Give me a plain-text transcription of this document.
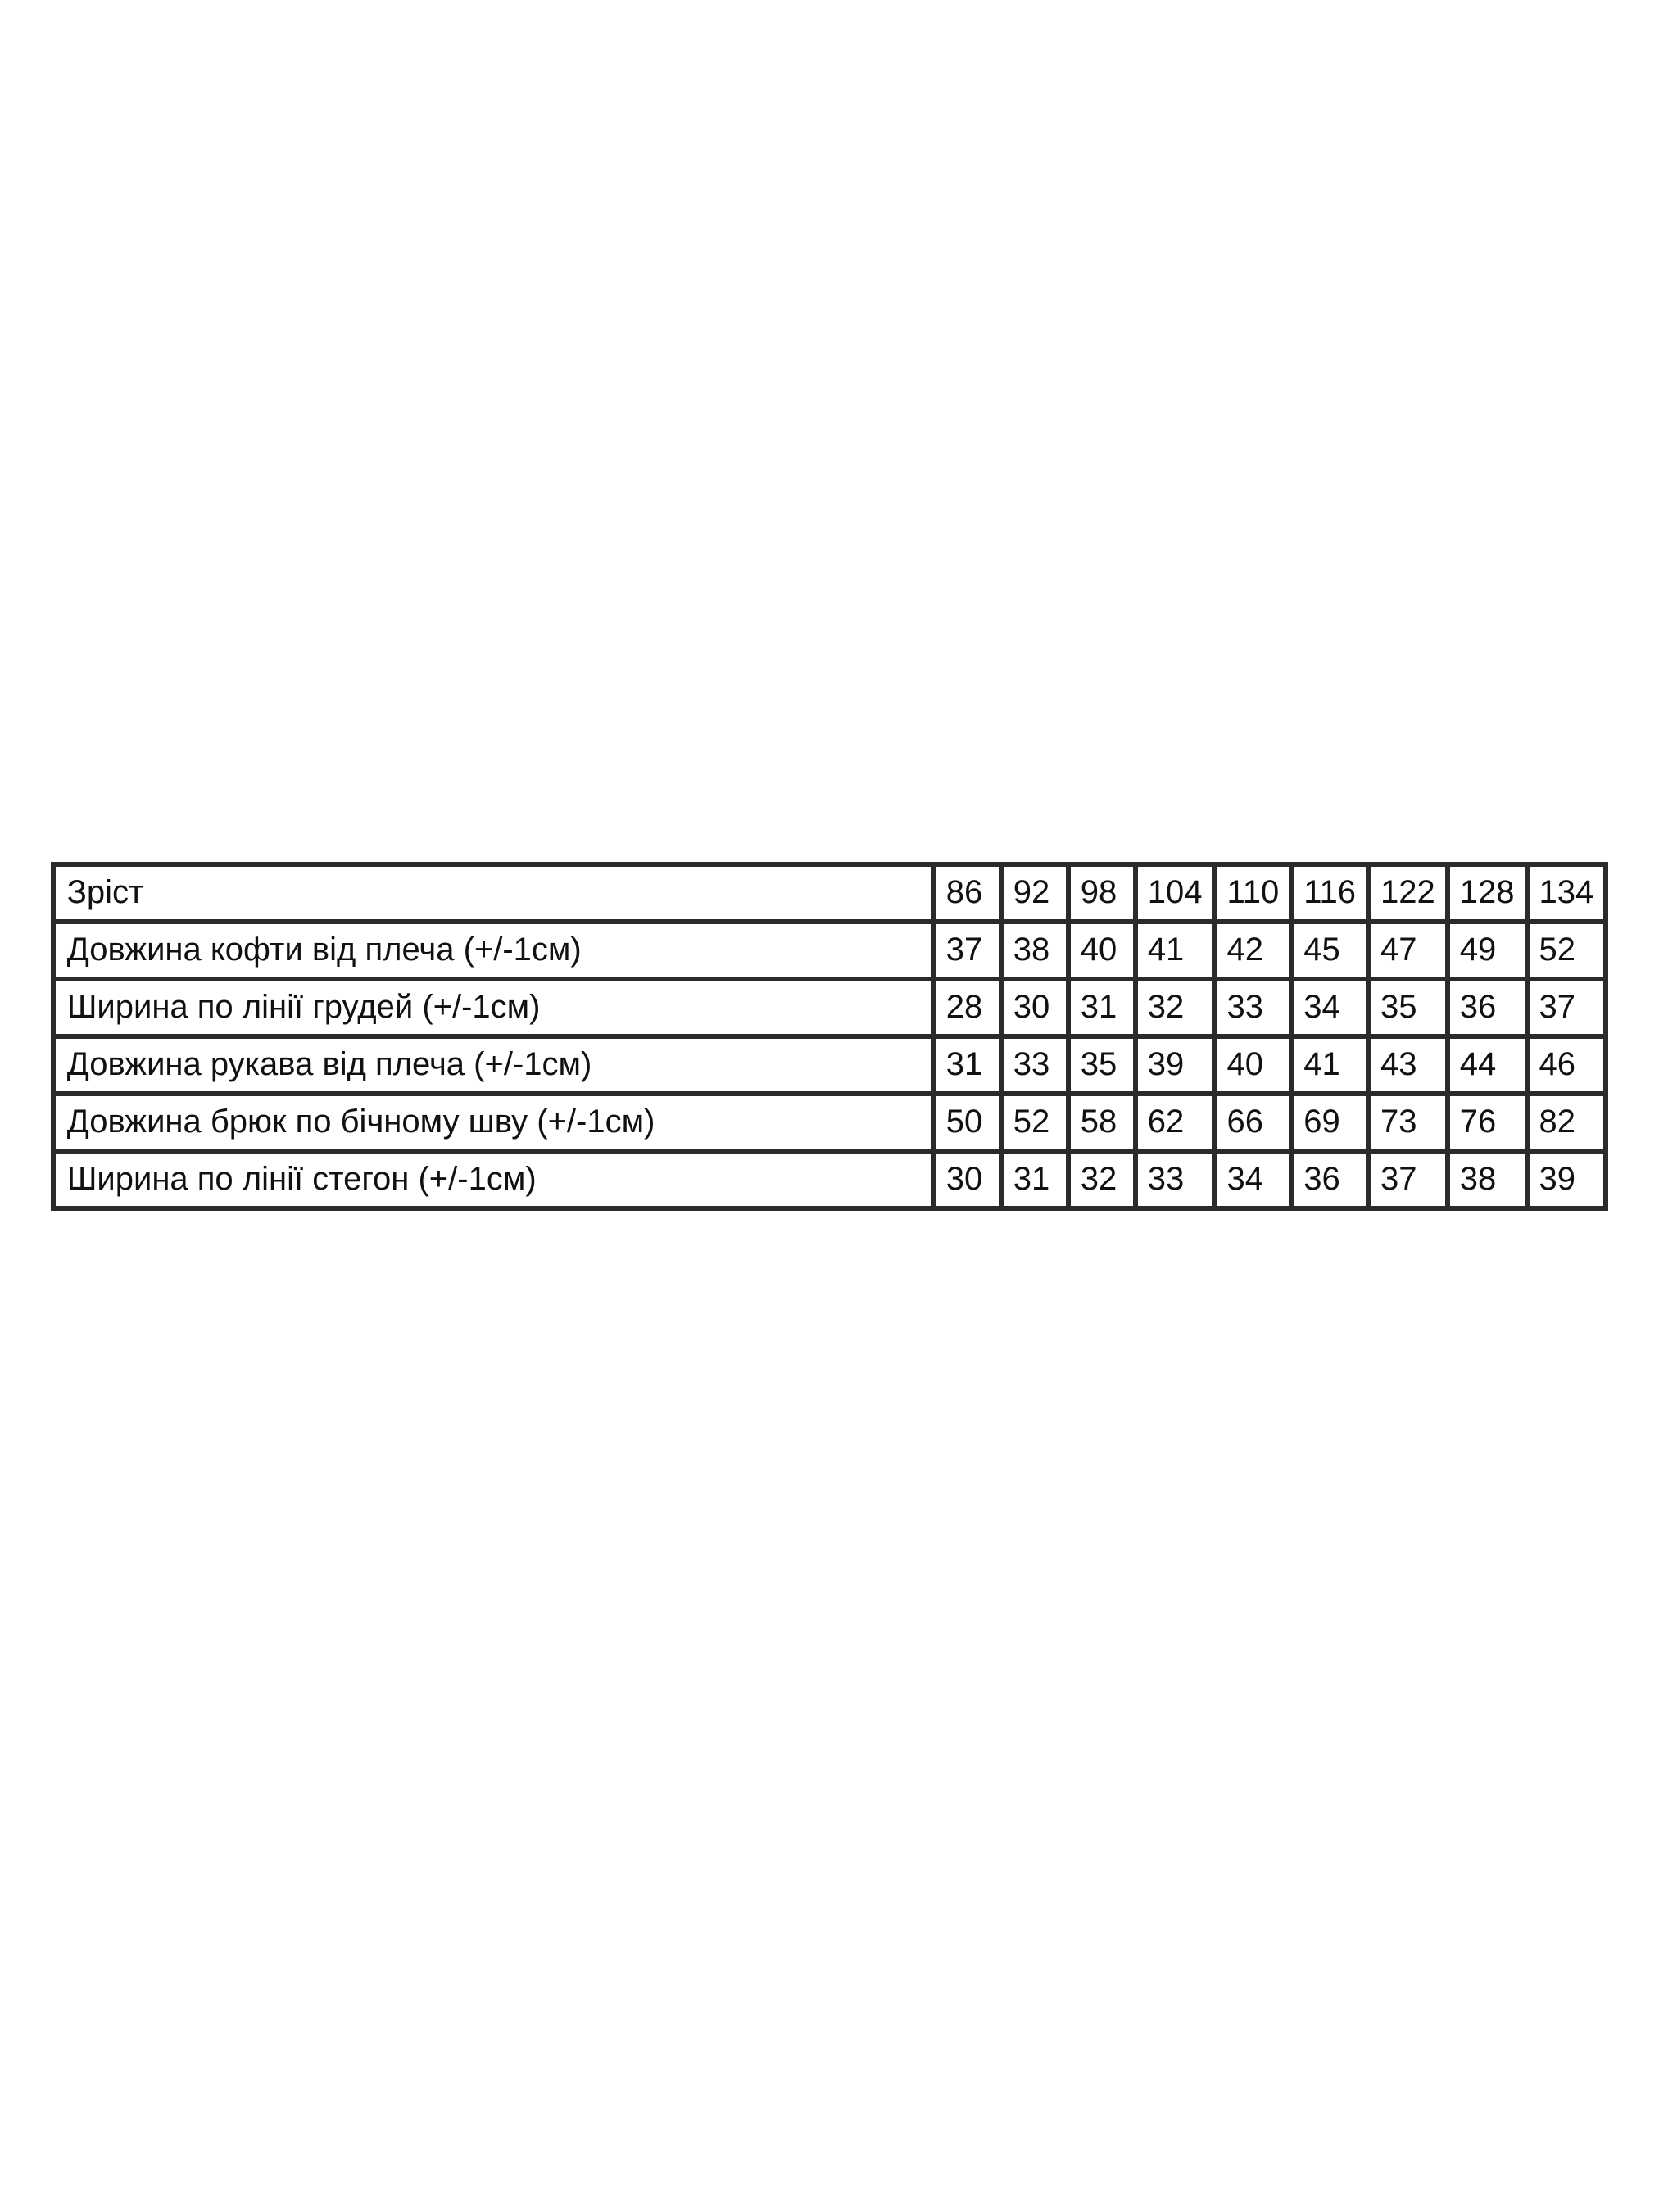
Зріст	86	92	98	104	110	116	122	128	134
Довжина кофти від плеча (+/-1см)	37	38	40	41	42	45	47	49	52
Ширина по лінії грудей (+/-1см)	28	30	31	32	33	34	35	36	37
Довжина рукава від плеча (+/-1см)	31	33	35	39	40	41	43	44	46
Довжина брюк по бічному шву (+/-1см)	50	52	58	62	66	69	73	76	82
Ширина по лінії стегон (+/-1см)	30	31	32	33	34	36	37	38	39
